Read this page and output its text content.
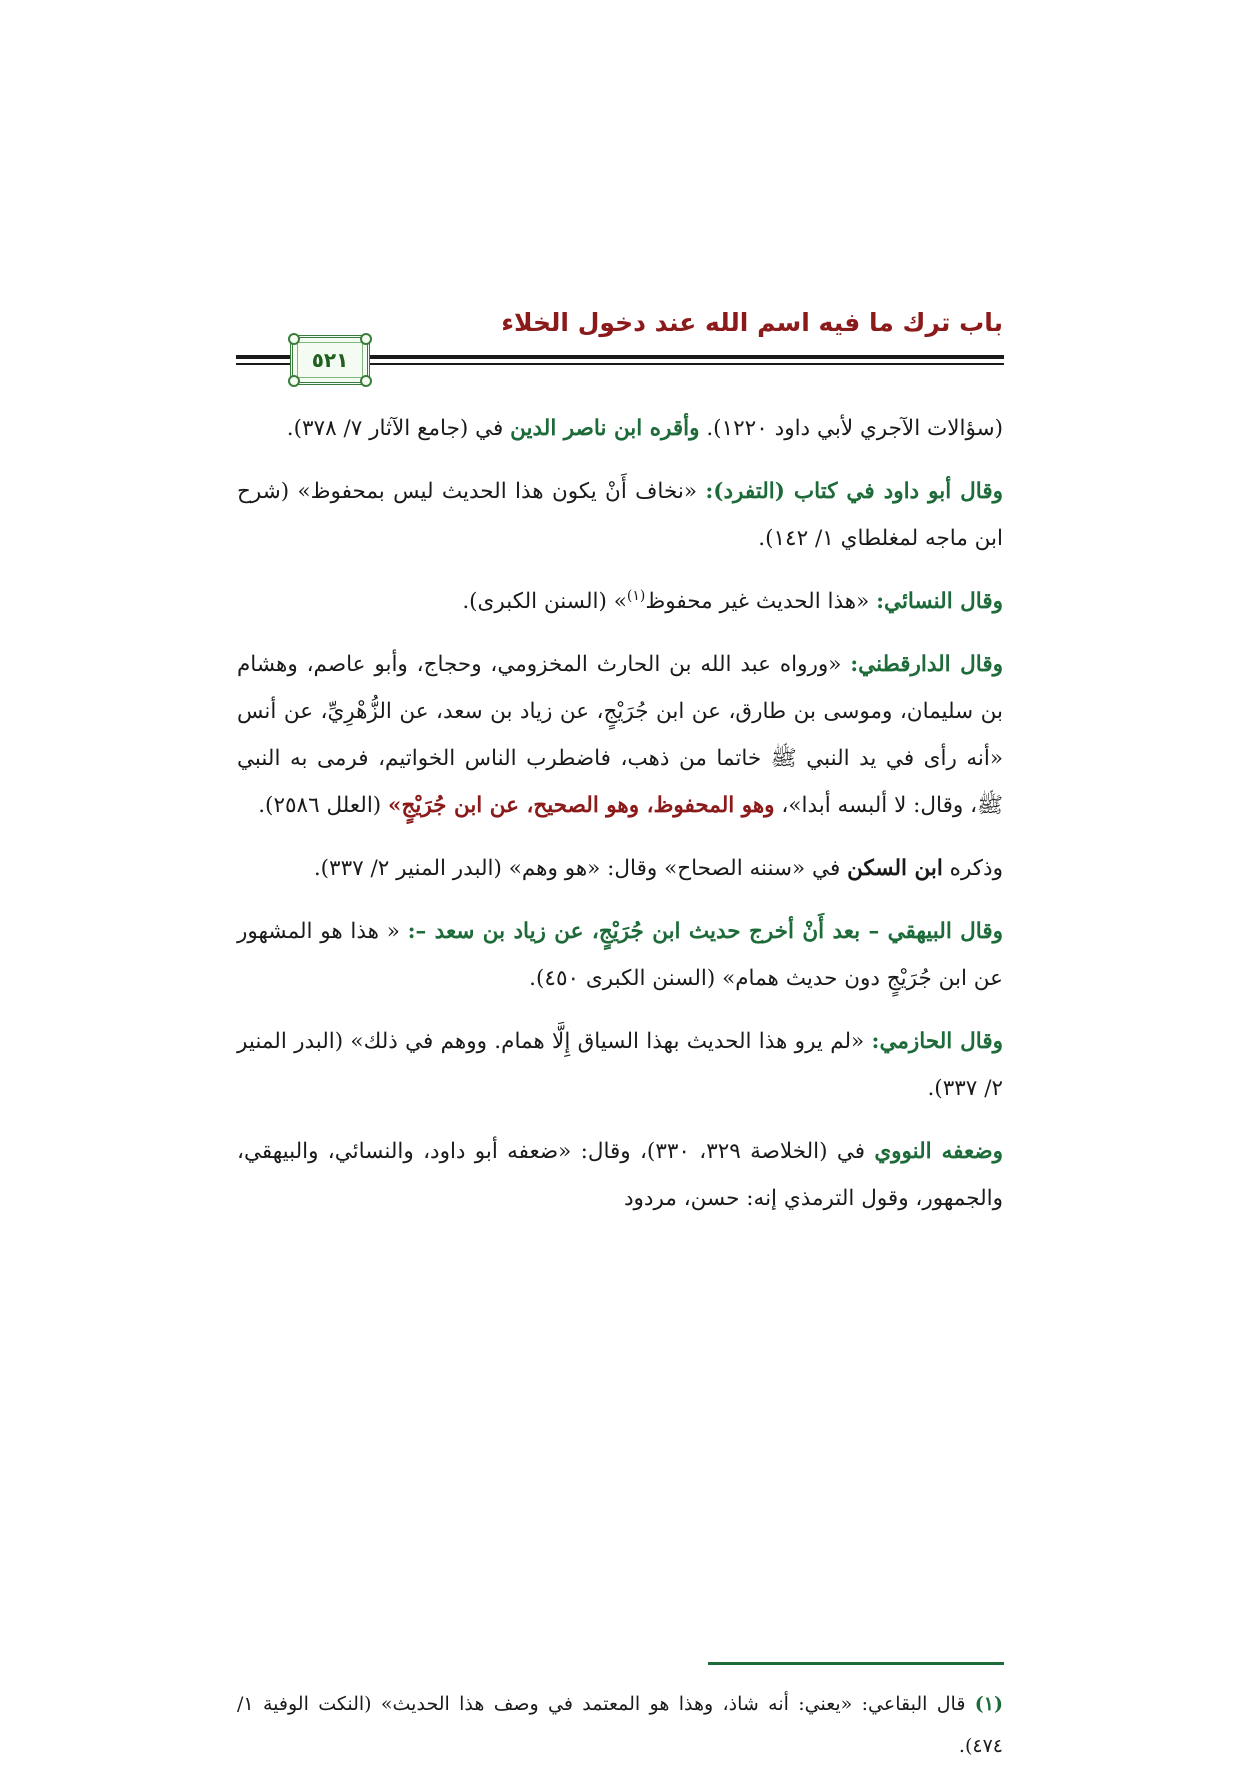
باب ترك ما فيه اسم الله عند دخول الخلاء
٥٢١

(سؤالات الآجري لأبي داود ١٢٢٠). وأقره ابن ناصر الدين في (جامع الآثار ٧/ ٣٧٨).

وقال أبو داود في كتاب (التفرد): «نخاف أَنْ يكون هذا الحديث ليس بمحفوظ» (شرح ابن ماجه لمغلطاي ١/ ١٤٢).

وقال النسائي: «هذا الحديث غير محفوظ$^{(١)}$» (السنن الكبرى).

وقال الدارقطني: «ورواه عبد الله بن الحارث المخزومي، وحجاج، وأبو عاصم، وهشام بن سليمان، وموسى بن طارق، عن ابن جُرَيْجٍ، عن زياد بن سعد، عن الزُّهْرِيِّ، عن أنس «أنه رأى في يد النبي ﷺ خاتما من ذهب، فاضطرب الناس الخواتيم، فرمى به النبي ﷺ، وقال: لا ألبسه أبدا»، وهو المحفوظ، وهو الصحيح، عن ابن جُرَيْجٍ» (العلل ٢٥٨٦).

وذكره ابن السكن في «سننه الصحاح» وقال: «هو وهم» (البدر المنير ٢/ ٣٣٧).

وقال البيهقي – بعد أَنْ أخرج حديث ابن جُرَيْجٍ، عن زياد بن سعد –: « هذا هو المشهور عن ابن جُرَيْجٍ دون حديث همام» (السنن الكبرى ٤٥٠).

وقال الحازمي: «لم يرو هذا الحديث بهذا السياق إِلَّا همام. ووهم في ذلك» (البدر المنير ٢/ ٣٣٧).

وضعفه النووي في (الخلاصة ٣٢٩، ٣٣٠)، وقال: «ضعفه أبو داود، والنسائي، والبيهقي، والجمهور، وقول الترمذي إنه: حسن، مردود

(١) قال البقاعي: «يعني: أنه شاذ، وهذا هو المعتمد في وصف هذا الحديث» (النكت الوفية ١/ ٤٧٤).
